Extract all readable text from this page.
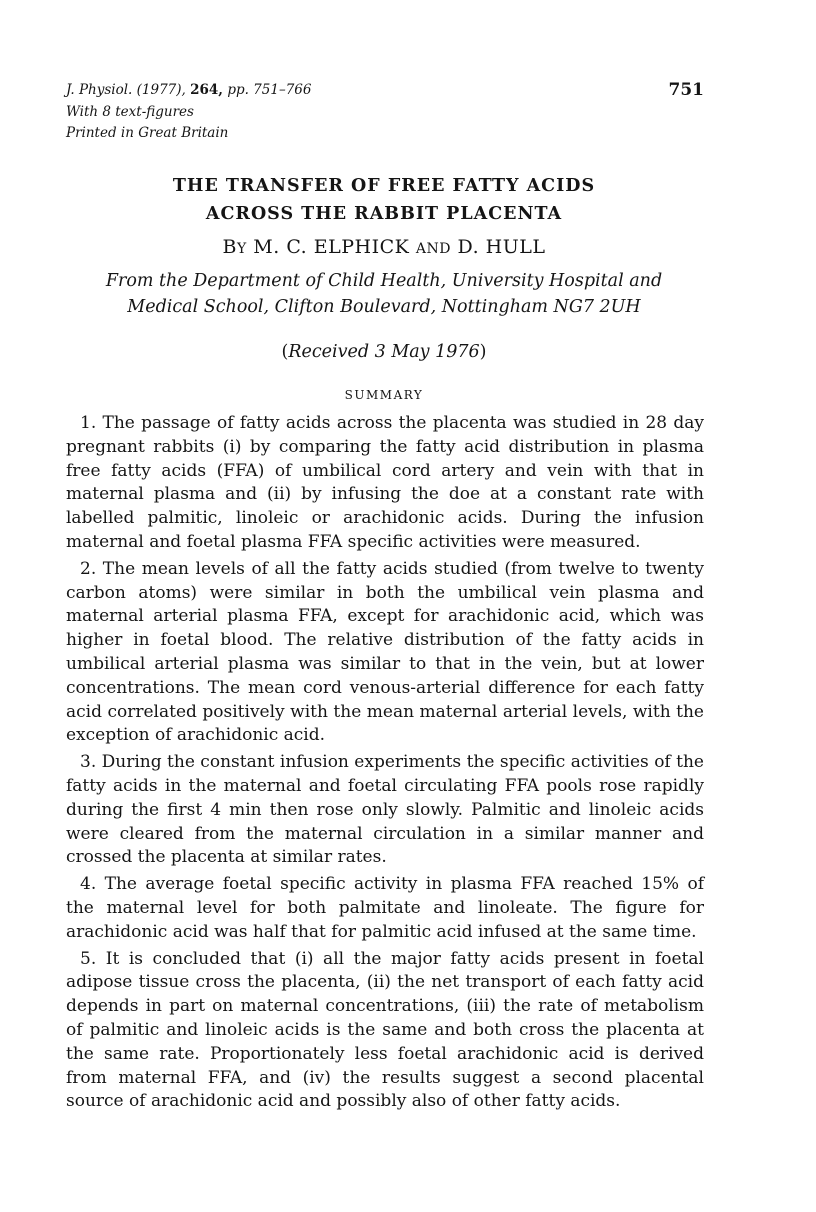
J. Physiol. (1977), 264, pp. 751–766
With 8 text-figures
Printed in Great Britain
751
THE TRANSFER OF FREE FATTY ACIDS
ACROSS THE RABBIT PLACENTA
BY M. C. ELPHICK AND D. HULL
From the Department of Child Health, University Hospital and
Medical School, Clifton Boulevard, Nottingham NG7 2UH
(Received 3 May 1976)
SUMMARY

1. The passage of fatty acids across the placenta was studied in 28 day pregnant rabbits (i) by comparing the fatty acid distribution in plasma free fatty acids (FFA) of umbilical cord artery and vein with that in maternal plasma and (ii) by infusing the doe at a constant rate with labelled palmitic, linoleic or arachidonic acids. During the infusion maternal and foetal plasma FFA specific activities were measured.

2. The mean levels of all the fatty acids studied (from twelve to twenty carbon atoms) were similar in both the umbilical vein plasma and maternal arterial plasma FFA, except for arachidonic acid, which was higher in foetal blood. The relative distribution of the fatty acids in umbilical arterial plasma was similar to that in the vein, but at lower concentrations. The mean cord venous-arterial difference for each fatty acid correlated positively with the mean maternal arterial levels, with the exception of arachidonic acid.

3. During the constant infusion experiments the specific activities of the fatty acids in the maternal and foetal circulating FFA pools rose rapidly during the first 4 min then rose only slowly. Palmitic and linoleic acids were cleared from the maternal circulation in a similar manner and crossed the placenta at similar rates.

4. The average foetal specific activity in plasma FFA reached 15% of the maternal level for both palmitate and linoleate. The figure for arachidonic acid was half that for palmitic acid infused at the same time.

5. It is concluded that (i) all the major fatty acids present in foetal adipose tissue cross the placenta, (ii) the net transport of each fatty acid depends in part on maternal concentrations, (iii) the rate of metabolism of palmitic and linoleic acids is the same and both cross the placenta at the same rate. Proportionately less foetal arachidonic acid is derived from maternal FFA, and (iv) the results suggest a second placental source of arachidonic acid and possibly also of other fatty acids.
